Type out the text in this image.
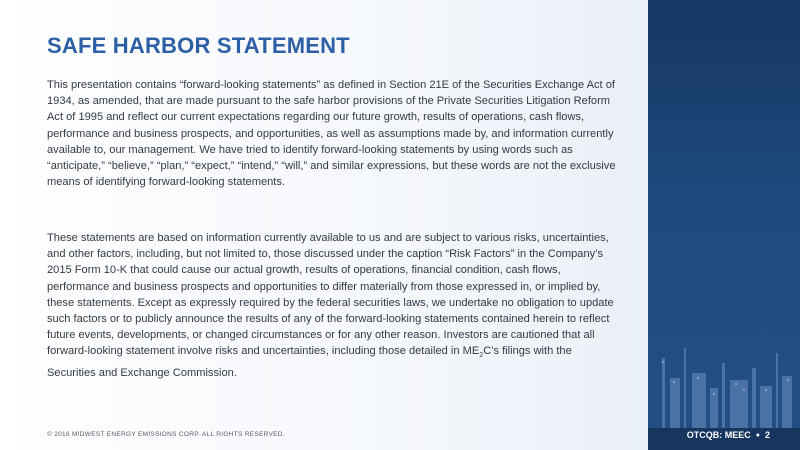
SAFE HARBOR STATEMENT

This presentation contains “forward-looking statements” as defined in Section 21E of the Securities Exchange Act of 1934, as amended, that are made pursuant to the safe harbor provisions of the Private Securities Litigation Reform Act of 1995 and reflect our current expectations regarding our future growth, results of operations, cash flows, performance and business prospects, and opportunities, as well as assumptions made by, and information currently available to, our management. We have tried to identify forward-looking statements by using words such as “anticipate,” “believe,” “plan,” “expect,” “intend,” “will,” and similar expressions, but these words are not the exclusive means of identifying forward-looking statements.

These statements are based on information currently available to us and are subject to various risks, uncertainties, and other factors, including, but not limited to, those discussed under the caption “Risk Factors” in the Company’s 2015 Form 10-K that could cause our actual growth, results of operations, financial condition, cash flows, performance and business prospects and opportunities to differ materially from those expressed in, or implied by, these statements. Except as expressly required by the federal securities laws, we undertake no obligation to update such factors or to publicly announce the results of any of the forward-looking statements contained herein to reflect future events, developments, or changed circumstances or for any other reason. Investors are cautioned that all forward-looking statement involve risks and uncertainties, including those detailed in $ME_2C’s$ filings with the Securities and Exchange Commission.

© 2016 MIDWEST ENERGY EMISSIONS CORP. ALL RIGHTS RESERVED.	OTCQB: MEEC ● 2
